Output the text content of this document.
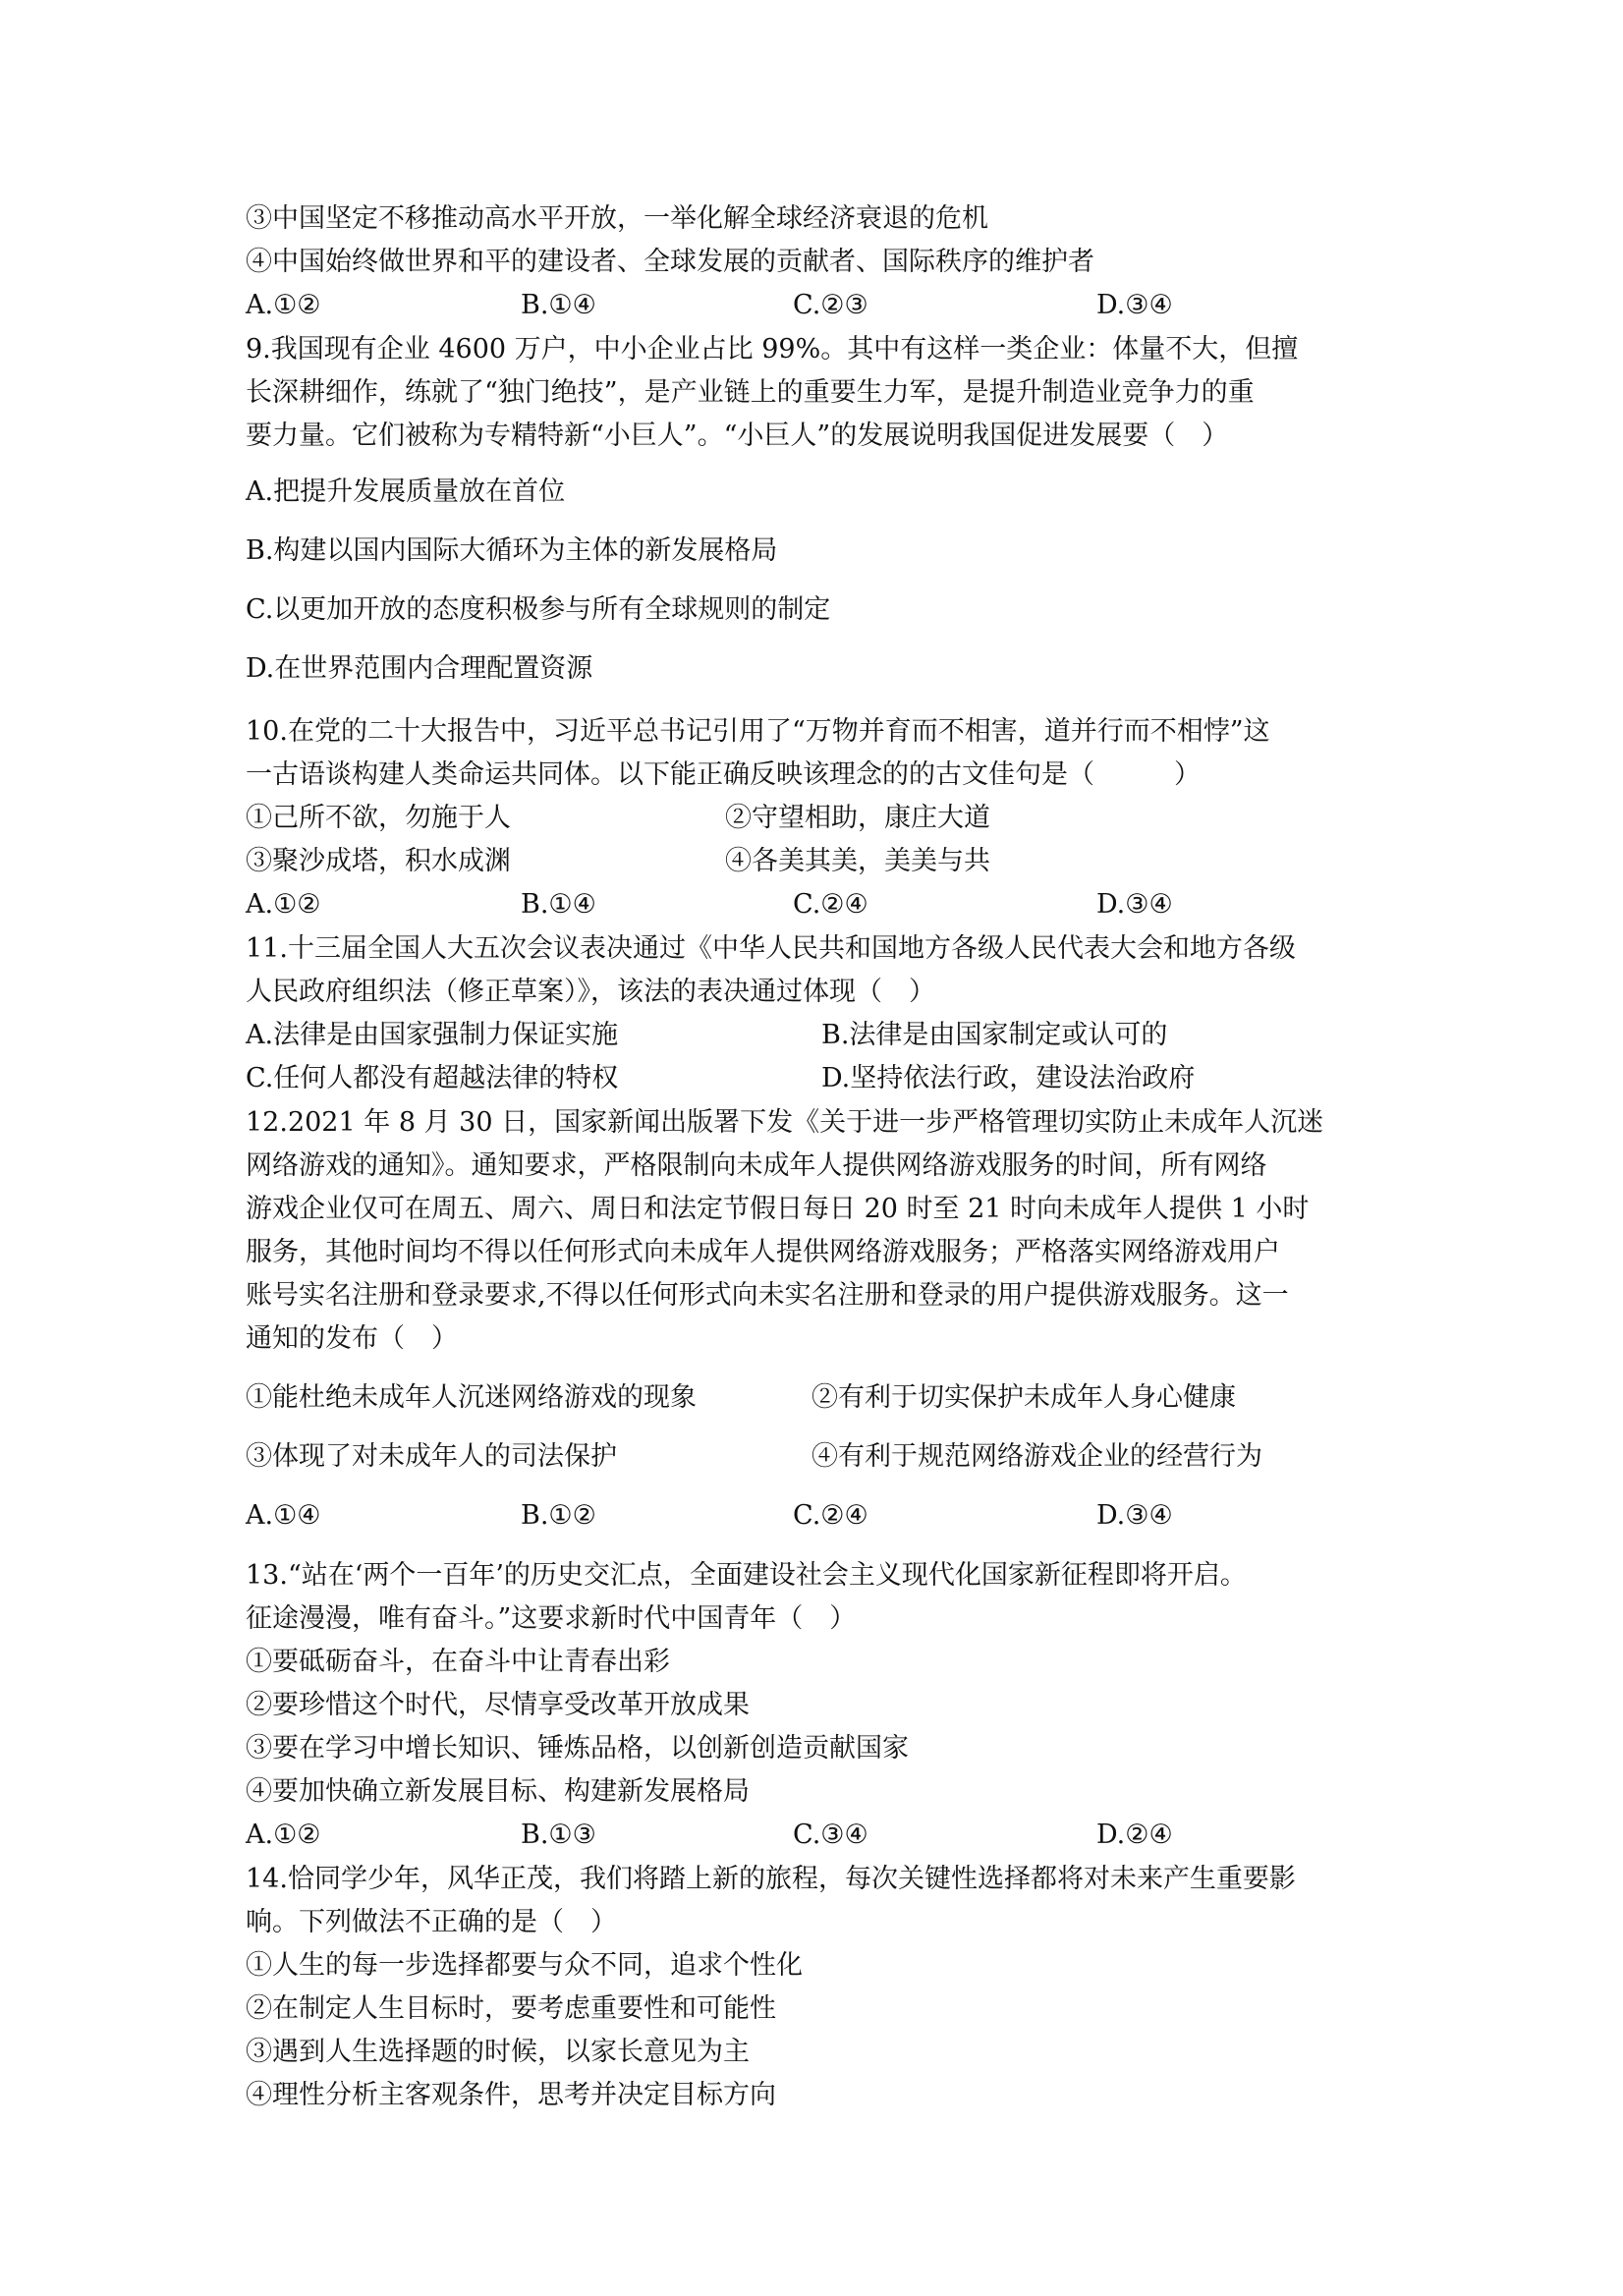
③中国坚定不移推动高水平开放，一举化解全球经济衰退的危机
④中国始终做世界和平的建设者、全球发展的贡献者、国际秩序的维护者
A.①②	B.①④	C.②③	D.③④
9.我国现有企业 4600 万户，中小企业占比 99%。其中有这样一类企业：体量不大，但擅
长深耕细作，练就了“独门绝技”，是产业链上的重要生力军，是提升制造业竞争力的重
要力量。它们被称为专精特新“小巨人”。“小巨人”的发展说明我国促进发展要（　）
A.把提升发展质量放在首位
B.构建以国内国际大循环为主体的新发展格局
C.以更加开放的态度积极参与所有全球规则的制定
D.在世界范围内合理配置资源
10.在党的二十大报告中，习近平总书记引用了“万物并育而不相害，道并行而不相悖”这
一古语谈构建人类命运共同体。以下能正确反映该理念的的古文佳句是（　　　）
①己所不欲，勿施于人	②守望相助，康庄大道
③聚沙成塔，积水成渊	④各美其美，美美与共
A.①②	B.①④	C.②④	D.③④
11.十三届全国人大五次会议表决通过《中华人民共和国地方各级人民代表大会和地方各级
人民政府组织法（修正草案）》，该法的表决通过体现（　）
A.法律是由国家强制力保证实施	B.法律是由国家制定或认可的
C.任何人都没有超越法律的特权	D.坚持依法行政，建设法治政府
12.2021 年 8 月 30 日，国家新闻出版署下发《关于进一步严格管理切实防止未成年人沉迷
网络游戏的通知》。通知要求，严格限制向未成年人提供网络游戏服务的时间，所有网络
游戏企业仅可在周五、周六、周日和法定节假日每日 20 时至 21 时向未成年人提供 1 小时
服务，其他时间均不得以任何形式向未成年人提供网络游戏服务；严格落实网络游戏用户
账号实名注册和登录要求,不得以任何形式向未实名注册和登录的用户提供游戏服务。这一
通知的发布（　）
①能杜绝未成年人沉迷网络游戏的现象	②有利于切实保护未成年人身心健康
③体现了对未成年人的司法保护	④有利于规范网络游戏企业的经营行为
A.①④	B.①②	C.②④	D.③④
13.“站在‘两个一百年’的历史交汇点，全面建设社会主义现代化国家新征程即将开启。
征途漫漫，唯有奋斗。”这要求新时代中国青年（　）
①要砥砺奋斗，在奋斗中让青春出彩
②要珍惜这个时代，尽情享受改革开放成果
③要在学习中增长知识、锤炼品格，以创新创造贡献国家
④要加快确立新发展目标、构建新发展格局
A.①②	B.①③	C.③④	D.②④
14.恰同学少年，风华正茂，我们将踏上新的旅程，每次关键性选择都将对未来产生重要影
响。下列做法不正确的是（　）
①人生的每一步选择都要与众不同，追求个性化
②在制定人生目标时，要考虑重要性和可能性
③遇到人生选择题的时候，以家长意见为主
④理性分析主客观条件，思考并决定目标方向
